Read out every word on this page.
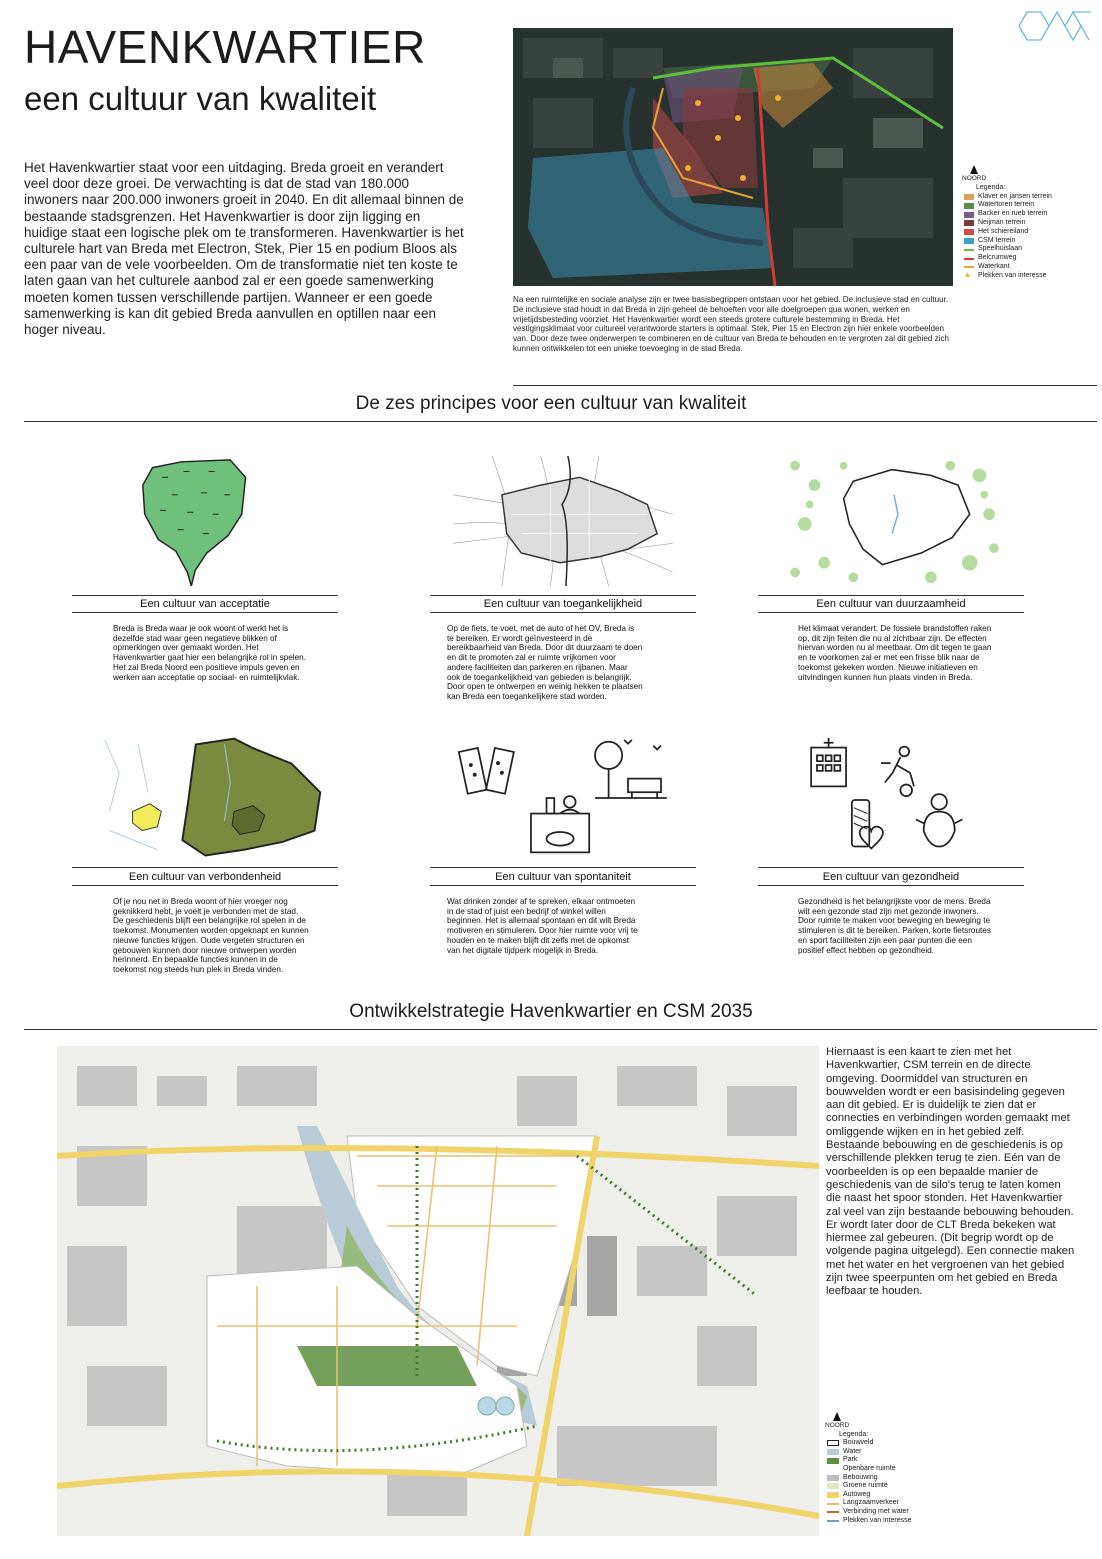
HAVENKWARTIER
een cultuur van kwaliteit
Het Havenkwartier staat voor een uitdaging. Breda groeit en verandert veel door deze groei. De verwachting is dat de stad van 180.000 inwoners naar 200.000 inwoners groeit in 2040. En dit allemaal binnen de bestaande stadsgrenzen. Het Havenkwartier is door zijn ligging en huidige staat een logische plek om te transformeren. Havenkwartier is het culturele hart van Breda met Electron, Stek, Pier 15 en podium Bloos als een paar van de vele voorbeelden. Om de transformatie niet ten koste te laten gaan van het culturele aanbod zal er een goede samenwerking moeten komen tussen verschillende partijen. Wanneer er een goede samenwerking is kan dit gebied Breda aanvullen en optillen naar een hoger niveau.
NOORD
Legenda:
Klaver en jansen terrein
Watertoren terrein
Backer en rueb terrein
Neijman terrein
Het schiereiland
CSM terrein
Speelhuislaan
Belcrumweg
Waterkant
★ Plekken van interesse
Na een ruimtelijke en sociale analyse zijn er twee basisbegrippen ontstaan voor het gebied. De inclusieve stad en cultuur. De inclusieve stad houdt in dat Breda in zijn geheel de behoeften voor alle doelgroepen qua wonen, werken en vrijetijdsbesteding voorziet. Het Havenkwartier wordt een steeds grotere culturele bestemming in Breda. Het vestigingsklimaat voor cultureel verantwoorde starters is optimaal. Stek, Pier 15 en Electron zijn hier enkele voorbeelden van. Door deze twee onderwerpen te combineren en de cultuur van Breda te behouden en te vergroten zal dit gebied zich kunnen ontwikkelen tot een unieke toevoeging in de stad Breda.
De zes principes voor een cultuur van kwaliteit
Een cultuur van acceptatie
Breda is Breda waar je ook woont of werkt het is dezelfde stad waar geen negatieve blikken of opmerkingen over gemaakt worden. Het Havenkwartier gaat hier een belangrijke rol in spelen. Het zal Breda Noord een positieve impuls geven en werken aan acceptatie op sociaal- en ruimtelijkvlak.
Een cultuur van toegankelijkheid
Op de fiets, te voet, met de auto of het OV, Breda is te bereiken. Er wordt geïnvesteerd in de bereikbaarheid van Breda. Door dit duurzaam te doen en dit te promoten zal er ruimte vrijkomen voor andere faciliteiten dan parkeren en rijbanen. Maar ook de toegankelijkheid van gebieden is belangrijk. Door open te ontwerpen en weinig hekken te plaatsen kan Breda een toegankelijkere stad worden.
Een cultuur van duurzaamheid
Het klimaat verandert. De fossiele brandstoffen raken op, dit zijn feiten die nu al zichtbaar zijn. De effecten hiervan worden nu al meetbaar. Om dit tegen te gaan en te voorkomen zal er met een frisse blik naar de toekomst gekeken worden. Nieuwe initiatieven en uitvindingen kunnen hun plaats vinden in Breda.
Een cultuur van verbondenheid
Of je nou net in Breda woont of hier vroeger nog geknikkerd hebt, je voelt je verbonden met de stad. De geschiedenis blijft een belangrijke rol spelen in de toekomst. Monumenten worden opgeknapt en kunnen nieuwe functies krijgen. Oude vergeten structuren en gebouwen kunnen door nieuwe ontwerpen worden herinnerd. En bepaalde functies kunnen in de toekomst nog steeds hun plek in Breda vinden.
Een cultuur van spontaniteit
Wat drinken zonder af te spreken, elkaar ontmoeten in de stad of juist een bedrijf of winkel willen beginnen. Het is allemaal spontaan en dit wilt Breda motiveren en stimuleren. Door hier ruimte voor vrij te houden en te maken blijft dit zelfs met de opkomst van het digitale tijdperk mogelijk in Breda.
Een cultuur van gezondheid
Gezondheid is het belangrijkste voor de mens. Breda wilt een gezonde stad zijn met gezonde inwoners. Door ruimte te maken voor beweging en beweging te stimuleren is dit te bereiken. Parken, korte fietsroutes en sport faciliteiten zijn een paar punten die een positief effect hebben op gezondheid.
Ontwikkelstrategie Havenkwartier en CSM 2035
Hiernaast is een kaart te zien met het Havenkwartier, CSM terrein en de directe omgeving. Doormiddel van structuren en bouwvelden wordt er een basisindeling gegeven aan dit gebied. Er is duidelijk te zien dat er connecties en verbindingen worden gemaakt met omliggende wijken en in het gebied zelf. Bestaande bebouwing en de geschiedenis is op verschillende plekken terug te zien. Eén van de voorbeelden is op een bepaalde manier de geschiedenis van de silo's terug te laten komen die naast het spoor stonden. Het Havenkwartier zal veel van zijn bestaande bebouwing behouden. Er wordt later door de CLT Breda bekeken wat hiermee zal gebeuren. (Dit begrip wordt op de volgende pagina uitgelegd). Een connectie maken met het water en het vergroenen van het gebied zijn twee speerpunten om het gebied en Breda leefbaar te houden.
NOORD
Legenda:
Bouwveld
Water
Park
Openbare ruimte
Bebouwing
Groene ruimte
Autoweg
Langzaamverkeer
Verbinding met water
Plekken van interesse
